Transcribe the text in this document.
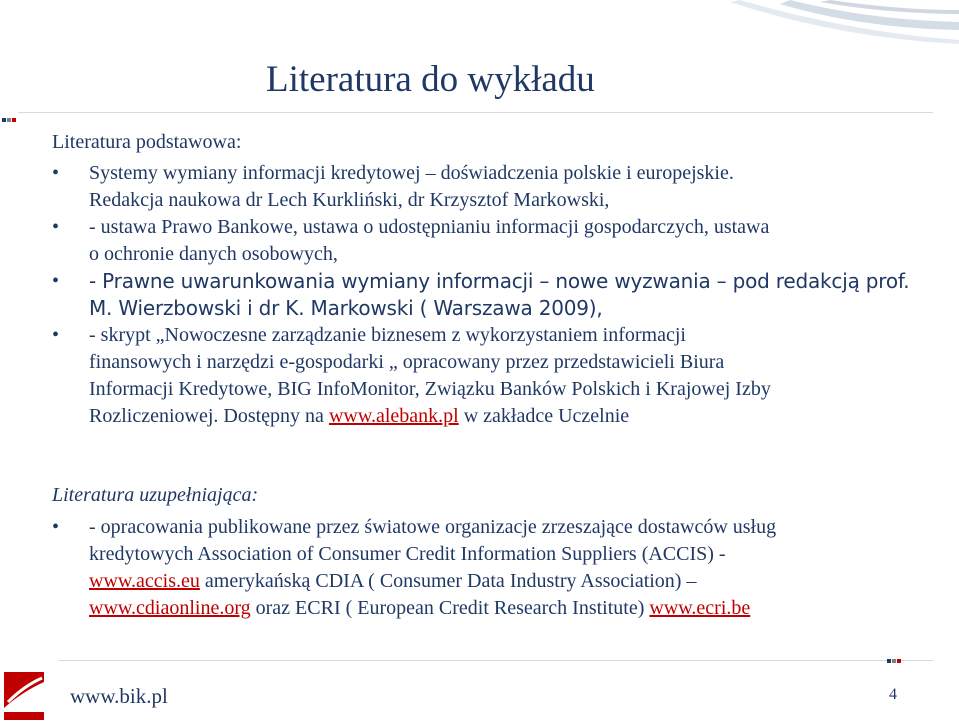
Literatura do wykładu
Literatura podstawowa:
• Systemy wymiany informacji kredytowej – doświadczenia polskie i europejskie.
Redakcja naukowa dr Lech Kurkliński, dr Krzysztof Markowski,
• - ustawa Prawo Bankowe, ustawa o udostępnianiu informacji gospodarczych, ustawa
o ochronie danych osobowych,
• - Prawne uwarunkowania wymiany informacji – nowe wyzwania – pod redakcją prof.
M. Wierzbowski i dr K. Markowski ( Warszawa 2009),
• - skrypt „Nowoczesne zarządzanie biznesem z wykorzystaniem informacji
finansowych i narzędzi e-gospodarki „ opracowany przez przedstawicieli Biura
Informacji Kredytowe, BIG InfoMonitor, Związku Banków Polskich i Krajowej Izby
Rozliczeniowej. Dostępny na www.alebank.pl w zakładce Uczelnie
Literatura uzupełniająca:
• - opracowania publikowane przez światowe organizacje zrzeszające dostawców usług
kredytowych Association of Consumer Credit Information Suppliers (ACCIS) -
www.accis.eu amerykańską CDIA ( Consumer Data Industry Association) –
www.cdiaonline.org oraz ECRI ( European Credit Research Institute) www.ecri.be
www.bik.pl	4
